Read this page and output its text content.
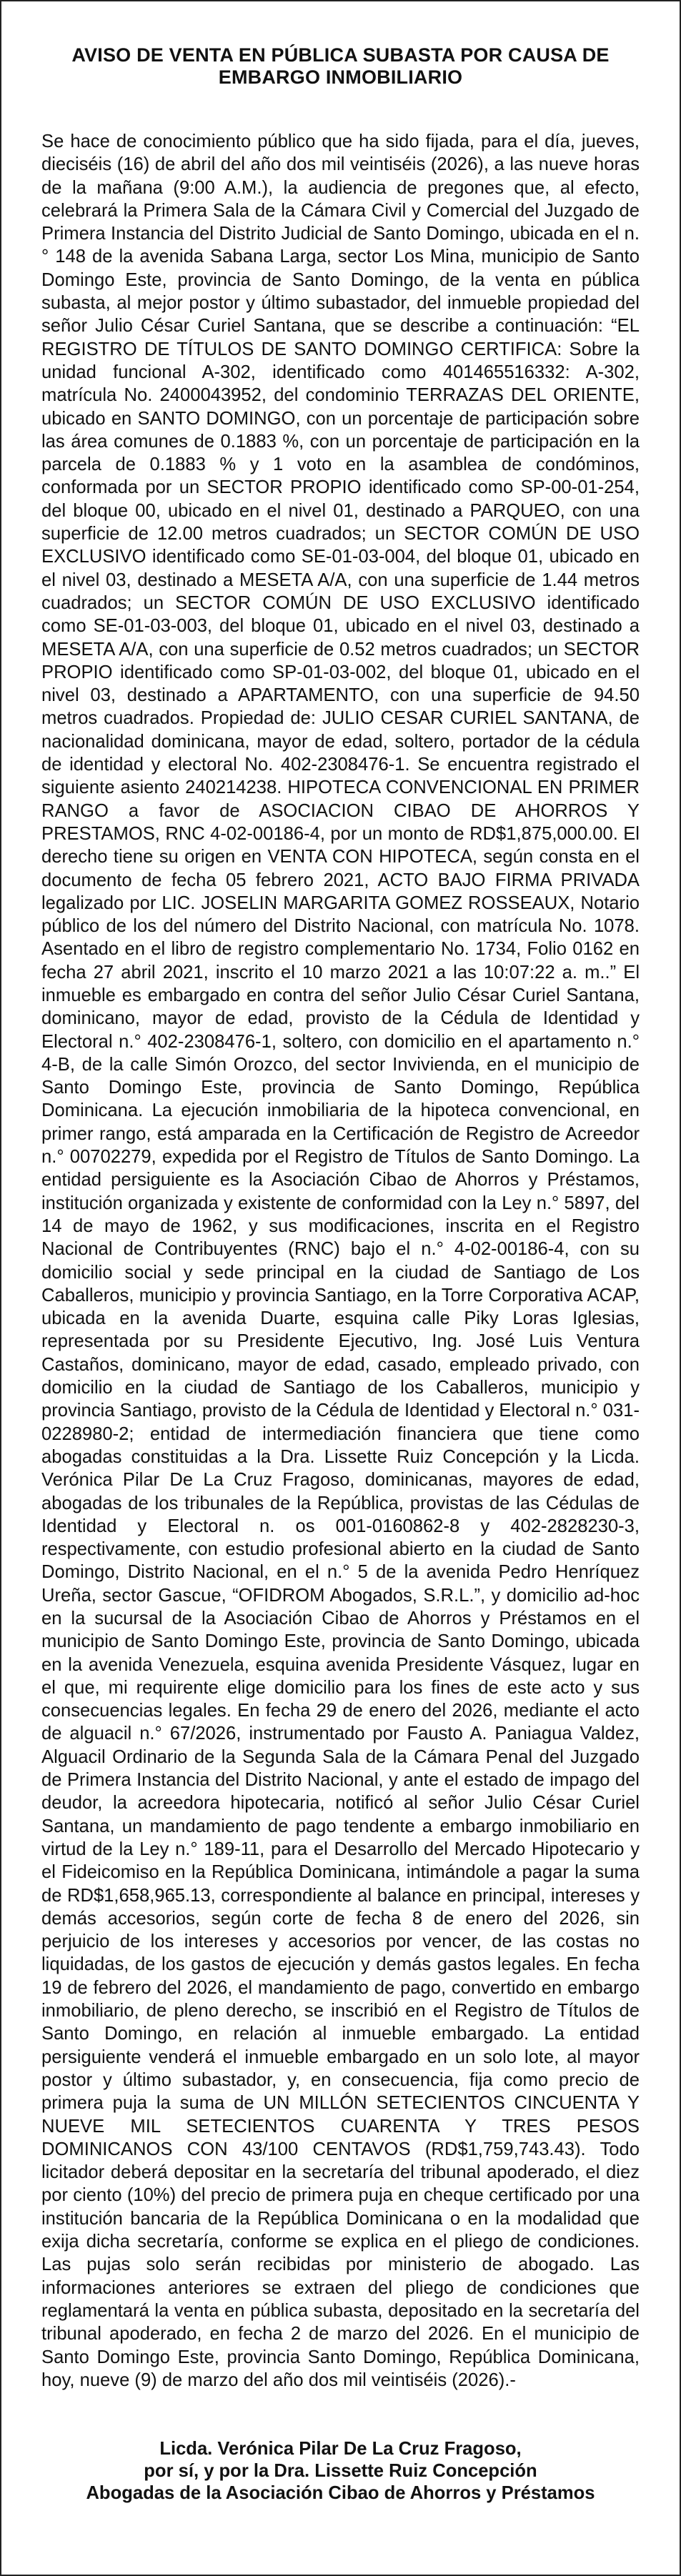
AVISO DE VENTA EN PÚBLICA SUBASTA POR CAUSA DE
EMBARGO INMOBILIARIO

Se hace de conocimiento público que ha sido fijada, para el día, jueves, dieciséis (16) de abril del año dos mil veintiséis (2026), a las nueve horas de la mañana (9:00 A.M.), la audiencia de pregones que, al efecto, celebrará la Primera Sala de la Cámara Civil y Comercial del Juzgado de Primera Instancia del Distrito Judicial de Santo Domingo, ubicada en el n.° 148 de la avenida Sabana Larga, sector Los Mina, municipio de Santo Domingo Este, provincia de Santo Domingo, de la venta en pública subasta, al mejor postor y último subastador, del inmueble propiedad del señor Julio César Curiel Santana, que se describe a continuación: “EL REGISTRO DE TÍTULOS DE SANTO DOMINGO CERTIFICA: Sobre la unidad funcional A-302, identificado como 401465516332: A-302, matrícula No. 2400043952, del condominio TERRAZAS DEL ORIENTE, ubicado en SANTO DOMINGO, con un porcentaje de participación sobre las área comunes de 0.1883 %, con un porcentaje de participación en la parcela de 0.1883 % y 1 voto en la asamblea de condóminos, conformada por un SECTOR PROPIO identificado como SP-00-01-254, del bloque 00, ubicado en el nivel 01, destinado a PARQUEO, con una superficie de 12.00 metros cuadrados; un SECTOR COMÚN DE USO EXCLUSIVO identificado como SE-01-03-004, del bloque 01, ubicado en el nivel 03, destinado a MESETA A/A, con una superficie de 1.44 metros cuadrados; un SECTOR COMÚN DE USO EXCLUSIVO identificado como SE-01-03-003, del bloque 01, ubicado en el nivel 03, destinado a MESETA A/A, con una superficie de 0.52 metros cuadrados; un SECTOR PROPIO identificado como SP-01-03-002, del bloque 01, ubicado en el nivel 03, destinado a APARTAMENTO, con una superficie de 94.50 metros cuadrados. Propiedad de: JULIO CESAR CURIEL SANTANA, de nacionalidad dominicana, mayor de edad, soltero, portador de la cédula de identidad y electoral No. 402-2308476-1. Se encuentra registrado el siguiente asiento 240214238. HIPOTECA CONVENCIONAL EN PRIMER RANGO a favor de ASOCIACION CIBAO DE AHORROS Y PRESTAMOS, RNC 4-02-00186-4, por un monto de RD$1,875,000.00. El derecho tiene su origen en VENTA CON HIPOTECA, según consta en el documento de fecha 05 febrero 2021, ACTO BAJO FIRMA PRIVADA legalizado por LIC. JOSELIN MARGARITA GOMEZ ROSSEAUX, Notario público de los del número del Distrito Nacional, con matrícula No. 1078. Asentado en el libro de registro complementario No. 1734, Folio 0162 en fecha 27 abril 2021, inscrito el 10 marzo 2021 a las 10:07:22 a. m..” El inmueble es embargado en contra del señor Julio César Curiel Santana, dominicano, mayor de edad, provisto de la Cédula de Identidad y Electoral n.° 402-2308476-1, soltero, con domicilio en el apartamento n.° 4-B, de la calle Simón Orozco, del sector Invivienda, en el municipio de Santo Domingo Este, provincia de Santo Domingo, República Dominicana. La ejecución inmobiliaria de la hipoteca convencional, en primer rango, está amparada en la Certificación de Registro de Acreedor n.° 00702279, expedida por el Registro de Títulos de Santo Domingo. La entidad persiguiente es la Asociación Cibao de Ahorros y Préstamos, institución organizada y existente de conformidad con la Ley n.° 5897, del 14 de mayo de 1962, y sus modificaciones, inscrita en el Registro Nacional de Contribuyentes (RNC) bajo el n.° 4-02-00186-4, con su domicilio social y sede principal en la ciudad de Santiago de Los Caballeros, municipio y provincia Santiago, en la Torre Corporativa ACAP, ubicada en la avenida Duarte, esquina calle Piky Loras Iglesias, representada por su Presidente Ejecutivo, Ing. José Luis Ventura Castaños, dominicano, mayor de edad, casado, empleado privado, con domicilio en la ciudad de Santiago de los Caballeros, municipio y provincia Santiago, provisto de la Cédula de Identidad y Electoral n.° 031-0228980-2; entidad de intermediación financiera que tiene como abogadas constituidas a la Dra. Lissette Ruiz Concepción y la Licda. Verónica Pilar De La Cruz Fragoso, dominicanas, mayores de edad, abogadas de los tribunales de la República, provistas de las Cédulas de Identidad y Electoral n. os 001-0160862-8 y 402-2828230-3, respectivamente, con estudio profesional abierto en la ciudad de Santo Domingo, Distrito Nacional, en el n.° 5 de la avenida Pedro Henríquez Ureña, sector Gascue, “OFIDROM Abogados, S.R.L.”, y domicilio ad-hoc en la sucursal de la Asociación Cibao de Ahorros y Préstamos en el municipio de Santo Domingo Este, provincia de Santo Domingo, ubicada en la avenida Venezuela, esquina avenida Presidente Vásquez, lugar en el que, mi requirente elige domicilio para los fines de este acto y sus consecuencias legales. En fecha 29 de enero del 2026, mediante el acto de alguacil n.° 67/2026, instrumentado por Fausto A. Paniagua Valdez, Alguacil Ordinario de la Segunda Sala de la Cámara Penal del Juzgado de Primera Instancia del Distrito Nacional, y ante el estado de impago del deudor, la acreedora hipotecaria, notificó al señor Julio César Curiel Santana, un mandamiento de pago tendente a embargo inmobiliario en virtud de la Ley n.° 189-11, para el Desarrollo del Mercado Hipotecario y el Fideicomiso en la República Dominicana, intimándole a pagar la suma de RD$1,658,965.13, correspondiente al balance en principal, intereses y demás accesorios, según corte de fecha 8 de enero del 2026, sin perjuicio de los intereses y accesorios por vencer, de las costas no liquidadas, de los gastos de ejecución y demás gastos legales. En fecha 19 de febrero del 2026, el mandamiento de pago, convertido en embargo inmobiliario, de pleno derecho, se inscribió en el Registro de Títulos de Santo Domingo, en relación al inmueble embargado. La entidad persiguiente venderá el inmueble embargado en un solo lote, al mayor postor y último subastador, y, en consecuencia, fija como precio de primera puja la suma de UN MILLÓN SETECIENTOS CINCUENTA Y NUEVE MIL SETECIENTOS CUARENTA Y TRES PESOS DOMINICANOS CON 43/100 CENTAVOS (RD$1,759,743.43). Todo licitador deberá depositar en la secretaría del tribunal apoderado, el diez por ciento (10%) del precio de primera puja en cheque certificado por una institución bancaria de la República Dominicana o en la modalidad que exija dicha secretaría, conforme se explica en el pliego de condiciones. Las pujas solo serán recibidas por ministerio de abogado. Las informaciones anteriores se extraen del pliego de condiciones que reglamentará la venta en pública subasta, depositado en la secretaría del tribunal apoderado, en fecha 2 de marzo del 2026. En el municipio de Santo Domingo Este, provincia Santo Domingo, República Dominicana, hoy, nueve (9) de marzo del año dos mil veintiséis (2026).-

Licda. Verónica Pilar De La Cruz Fragoso,
por sí, y por la Dra. Lissette Ruiz Concepción
Abogadas de la Asociación Cibao de Ahorros y Préstamos
